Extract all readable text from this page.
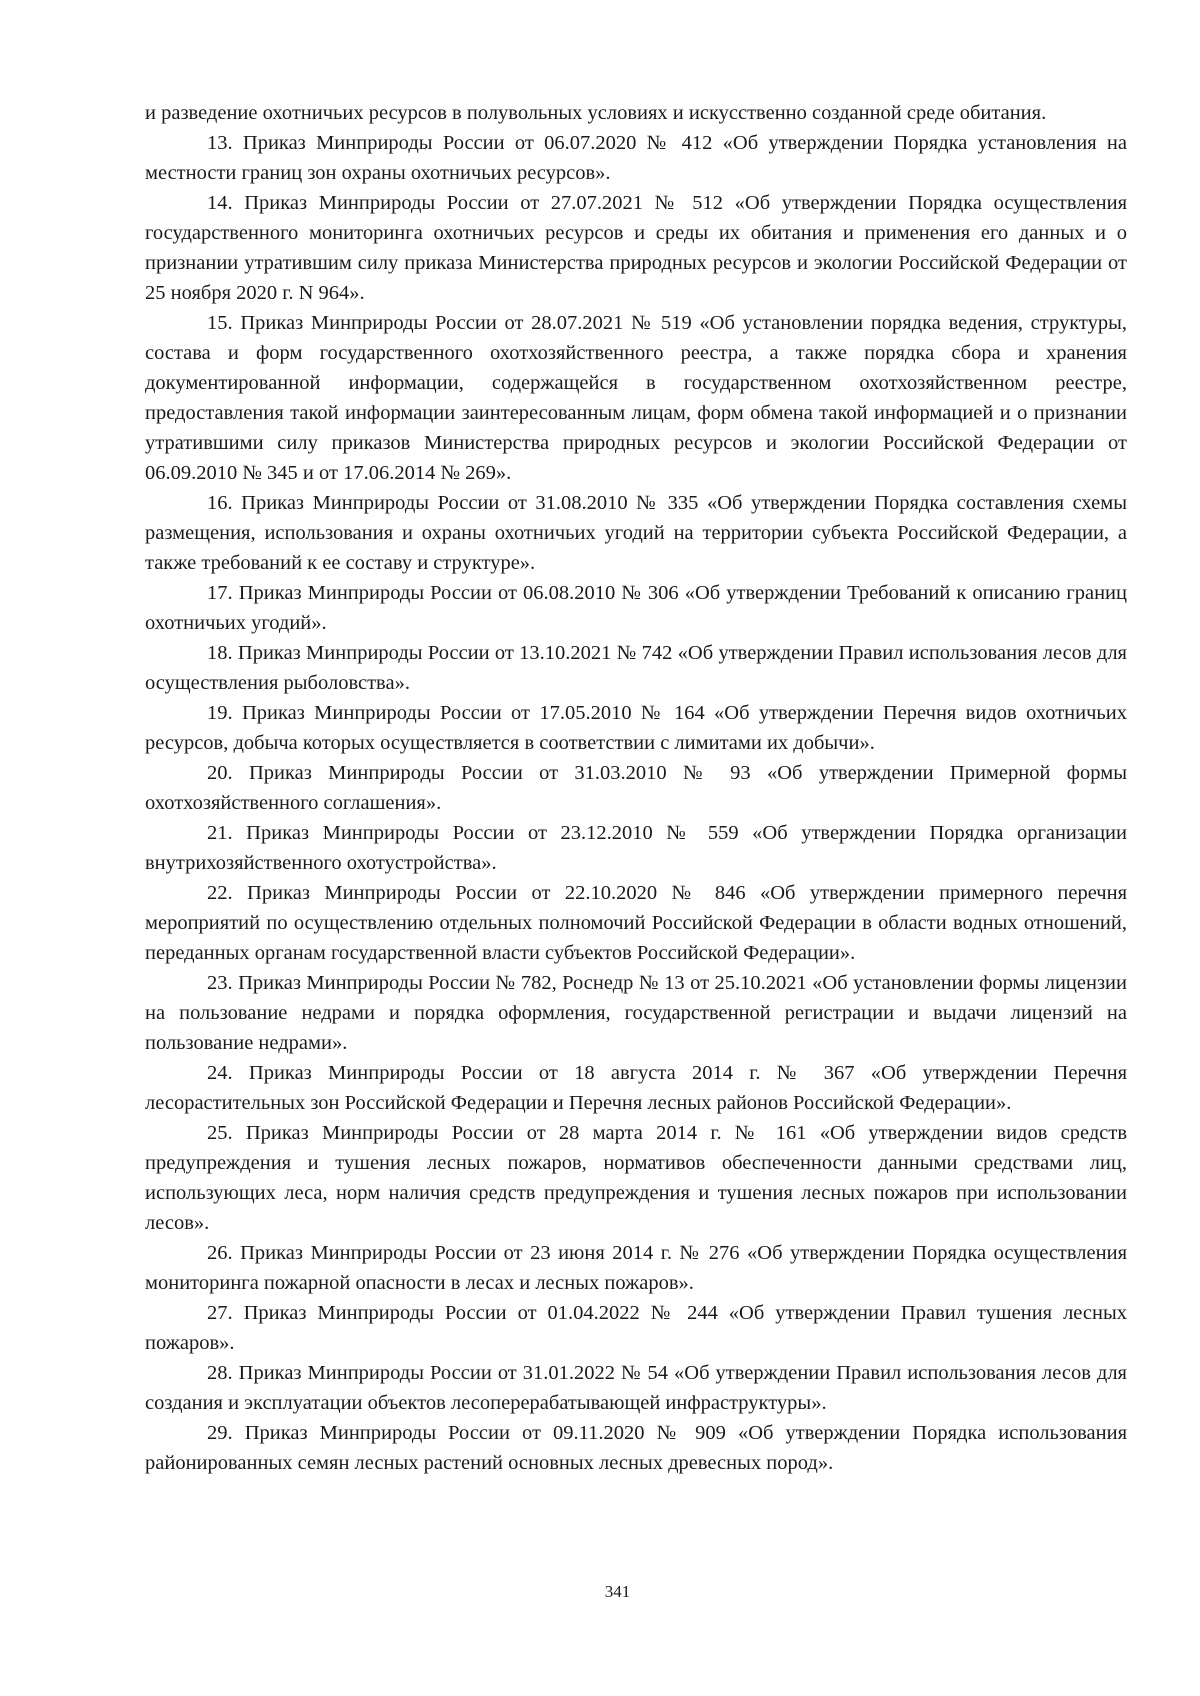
и разведение охотничьих ресурсов в полувольных условиях и искусственно созданной среде обитания.

13. Приказ Минприроды России от 06.07.2020 № 412 «Об утверждении Порядка установления на местности границ зон охраны охотничьих ресурсов».

14. Приказ Минприроды России от 27.07.2021 № 512 «Об утверждении Порядка осуществления государственного мониторинга охотничьих ресурсов и среды их обитания и применения его данных и о признании утратившим силу приказа Министерства природных ресурсов и экологии Российской Федерации от 25 ноября 2020 г. N 964».

15. Приказ Минприроды России от 28.07.2021 № 519 «Об установлении порядка ведения, структуры, состава и форм государственного охотхозяйственного реестра, а также порядка сбора и хранения документированной информации, содержащейся в государственном охотхозяйственном реестре, предоставления такой информации заинтересованным лицам, форм обмена такой информацией и о признании утратившими силу приказов Министерства природных ресурсов и экологии Российской Федерации от 06.09.2010 № 345 и от 17.06.2014 № 269».

16. Приказ Минприроды России от 31.08.2010 № 335 «Об утверждении Порядка составления схемы размещения, использования и охраны охотничьих угодий на территории субъекта Российской Федерации, а также требований к ее составу и структуре».

17. Приказ Минприроды России от 06.08.2010 № 306 «Об утверждении Требований к описанию границ охотничьих угодий».

18. Приказ Минприроды России от 13.10.2021 № 742 «Об утверждении Правил использования лесов для осуществления рыболовства».

19. Приказ Минприроды России от 17.05.2010 № 164 «Об утверждении Перечня видов охотничьих ресурсов, добыча которых осуществляется в соответствии с лимитами их добычи».

20. Приказ Минприроды России от 31.03.2010 № 93 «Об утверждении Примерной формы охотхозяйственного соглашения».

21. Приказ Минприроды России от 23.12.2010 № 559 «Об утверждении Порядка организации внутрихозяйственного охотустройства».

22. Приказ Минприроды России от 22.10.2020 № 846 «Об утверждении примерного перечня мероприятий по осуществлению отдельных полномочий Российской Федерации в области водных отношений, переданных органам государственной власти субъектов Российской Федерации».

23. Приказ Минприроды России № 782, Роснедр № 13 от 25.10.2021 «Об установлении формы лицензии на пользование недрами и порядка оформления, государственной регистрации и выдачи лицензий на пользование недрами».

24. Приказ Минприроды России от 18 августа 2014 г. № 367 «Об утверждении Перечня лесорастительных зон Российской Федерации и Перечня лесных районов Российской Федерации».

25. Приказ Минприроды России от 28 марта 2014 г. № 161 «Об утверждении видов средств предупреждения и тушения лесных пожаров, нормативов обеспеченности данными средствами лиц, использующих леса, норм наличия средств предупреждения и тушения лесных пожаров при использовании лесов».

26. Приказ Минприроды России от 23 июня 2014 г. № 276 «Об утверждении Порядка осуществления мониторинга пожарной опасности в лесах и лесных пожаров».

27. Приказ Минприроды России от 01.04.2022 № 244 «Об утверждении Правил тушения лесных пожаров».

28. Приказ Минприроды России от 31.01.2022 № 54 «Об утверждении Правил использования лесов для создания и эксплуатации объектов лесоперерабатывающей инфраструктуры».

29. Приказ Минприроды России от 09.11.2020 № 909 «Об утверждении Порядка использования районированных семян лесных растений основных лесных древесных пород».

341
